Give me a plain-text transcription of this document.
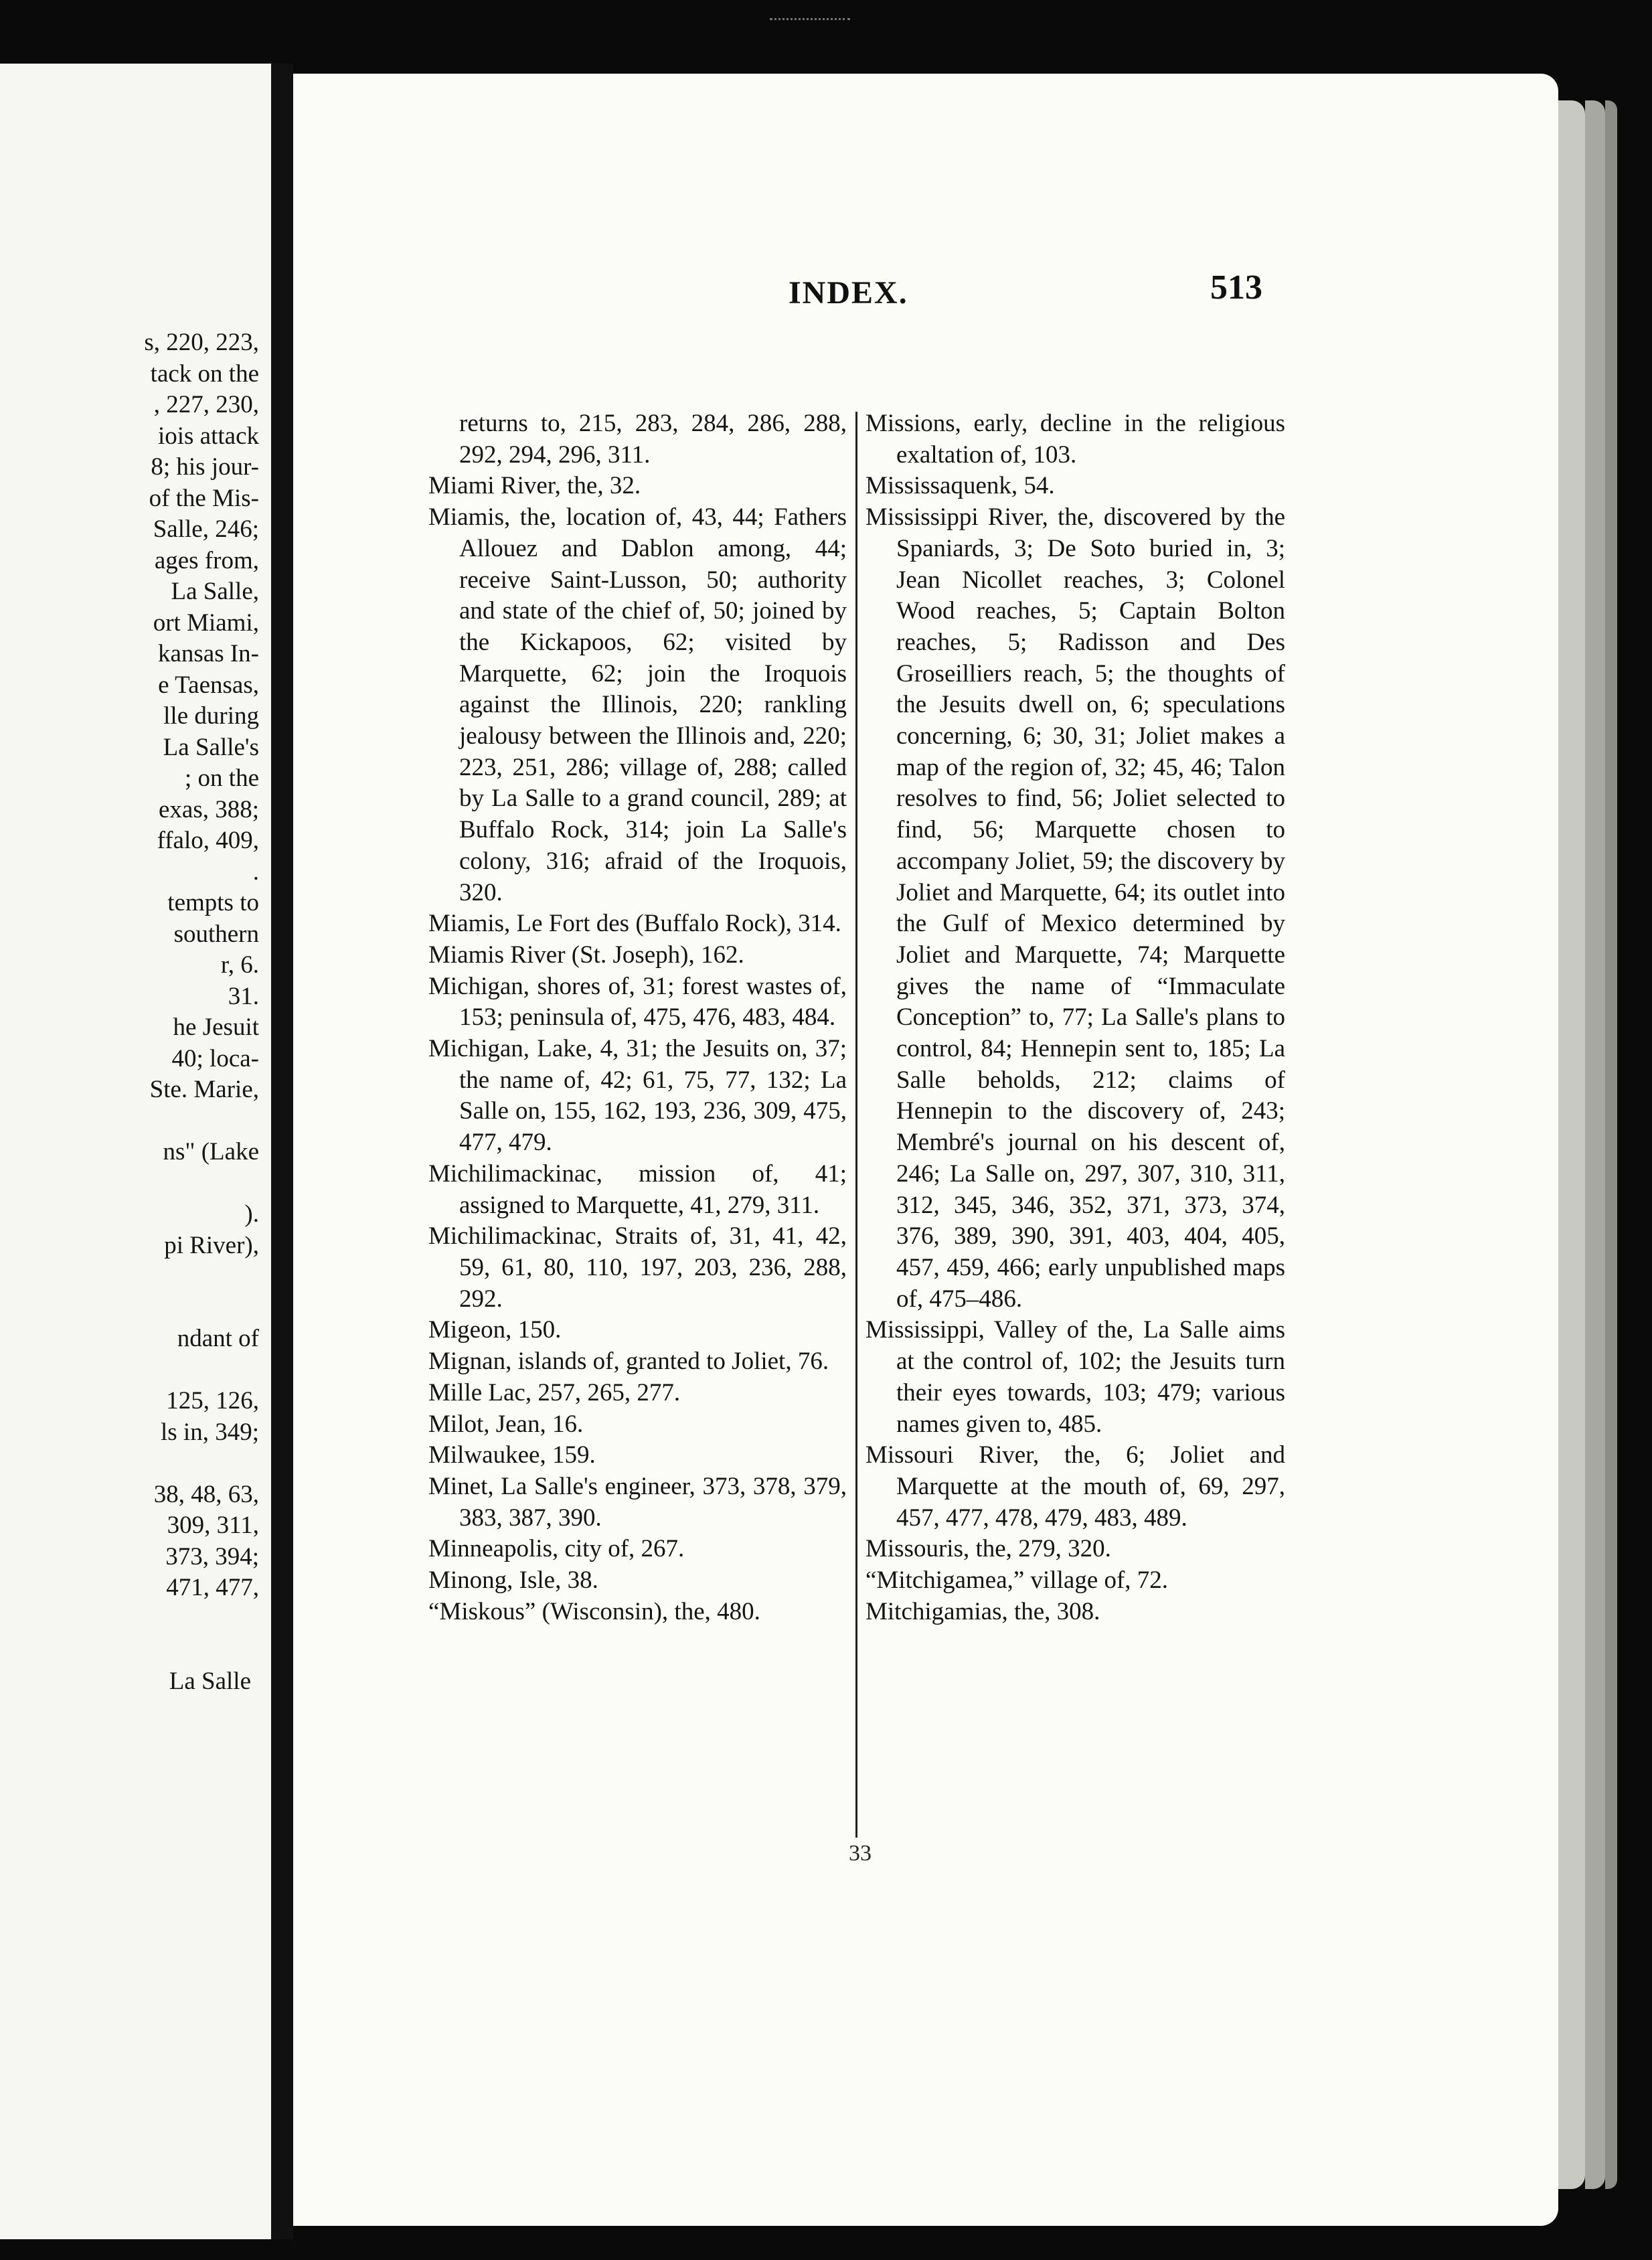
s, 220, 223,
tack on the
, 227, 230,
iois attack
8; his jour-
of the Mis-
Salle, 246;
ages from,
La Salle,
ort Miami,
kansas In-
e Taensas,
lle during
La Salle's
; on the
exas, 388;
ffalo, 409,
.
tempts to
southern
r, 6.
31.
he Jesuit
40; loca-
Ste. Marie,
ns" (Lake
).
pi River),
ndant of
125, 126,
ls in, 349;
38, 48, 63,
309, 311,
373, 394;
471, 477,
La Salle
INDEX.	513
returns to, 215, 283, 284, 286, 288, 292, 294, 296, 311.
Miami River, the, 32.
Miamis, the, location of, 43, 44; Fathers Allouez and Dablon among, 44; receive Saint-Lusson, 50; authority and state of the chief of, 50; joined by the Kickapoos, 62; visited by Marquette, 62; join the Iroquois against the Illinois, 220; rankling jealousy between the Illinois and, 220; 223, 251, 286; village of, 288; called by La Salle to a grand council, 289; at Buffalo Rock, 314; join La Salle's colony, 316; afraid of the Iroquois, 320.
Miamis, Le Fort des (Buffalo Rock), 314.
Miamis River (St. Joseph), 162.
Michigan, shores of, 31; forest wastes of, 153; peninsula of, 475, 476, 483, 484.
Michigan, Lake, 4, 31; the Jesuits on, 37; the name of, 42; 61, 75, 77, 132; La Salle on, 155, 162, 193, 236, 309, 475, 477, 479.
Michilimackinac, mission of, 41; assigned to Marquette, 41, 279, 311.
Michilimackinac, Straits of, 31, 41, 42, 59, 61, 80, 110, 197, 203, 236, 288, 292.
Migeon, 150.
Mignan, islands of, granted to Joliet, 76.
Mille Lac, 257, 265, 277.
Milot, Jean, 16.
Milwaukee, 159.
Minet, La Salle's engineer, 373, 378, 379, 383, 387, 390.
Minneapolis, city of, 267.
Minong, Isle, 38.
“Miskous” (Wisconsin), the, 480.
Missions, early, decline in the religious exaltation of, 103.
Mississaquenk, 54.
Mississippi River, the, discovered by the Spaniards, 3; De Soto buried in, 3; Jean Nicollet reaches, 3; Colonel Wood reaches, 5; Captain Bolton reaches, 5; Radisson and Des Groseilliers reach, 5; the thoughts of the Jesuits dwell on, 6; speculations concerning, 6; 30, 31; Joliet makes a map of the region of, 32; 45, 46; Talon resolves to find, 56; Joliet selected to find, 56; Marquette chosen to accompany Joliet, 59; the discovery by Joliet and Marquette, 64; its outlet into the Gulf of Mexico determined by Joliet and Marquette, 74; Marquette gives the name of “Immaculate Conception” to, 77; La Salle's plans to control, 84; Hennepin sent to, 185; La Salle beholds, 212; claims of Hennepin to the discovery of, 243; Membré's journal on his descent of, 246; La Salle on, 297, 307, 310, 311, 312, 345, 346, 352, 371, 373, 374, 376, 389, 390, 391, 403, 404, 405, 457, 459, 466; early unpublished maps of, 475–486.
Mississippi, Valley of the, La Salle aims at the control of, 102; the Jesuits turn their eyes towards, 103; 479; various names given to, 485.
Missouri River, the, 6; Joliet and Marquette at the mouth of, 69, 297, 457, 477, 478, 479, 483, 489.
Missouris, the, 279, 320.
“Mitchigamea,” village of, 72.
Mitchigamias, the, 308.
33
